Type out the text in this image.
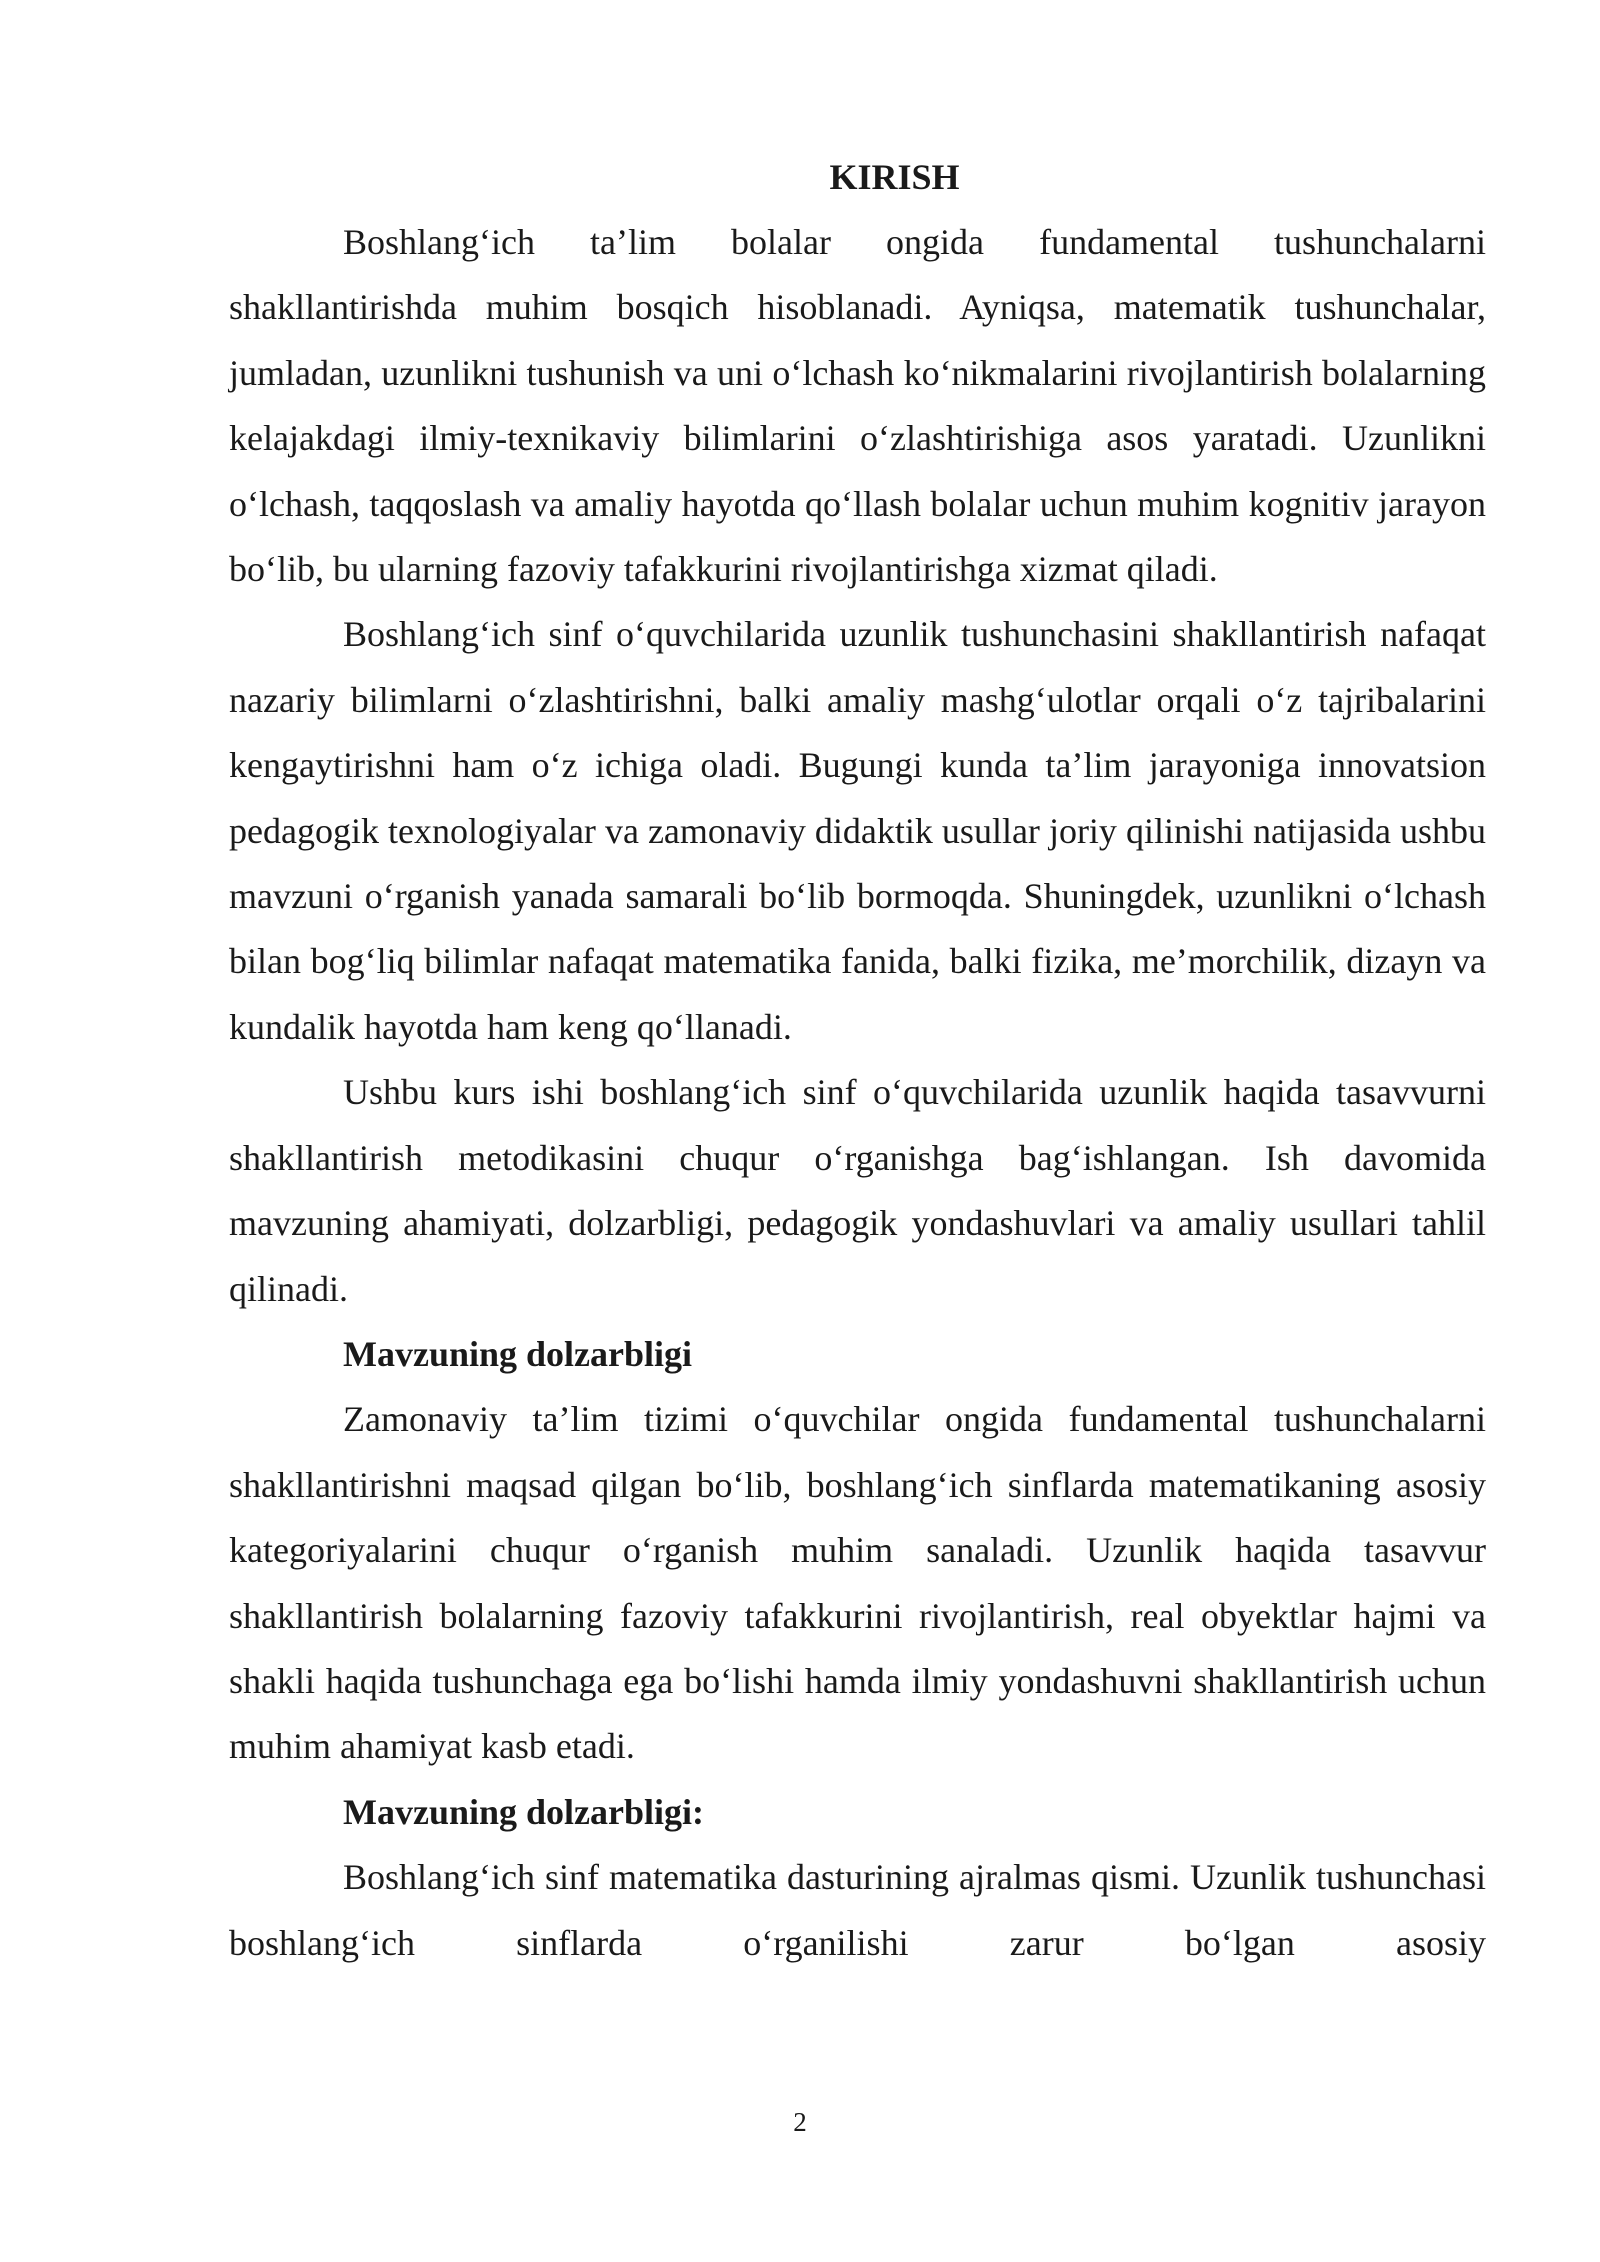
KIRISH

Boshlang‘ich ta’lim bolalar ongida fundamental tushunchalarni shakllantirishda muhim bosqich hisoblanadi. Ayniqsa, matematik tushunchalar, jumladan, uzunlikni tushunish va uni o‘lchash ko‘nikmalarini rivojlantirish bolalarning kelajakdagi ilmiy-texnikaviy bilimlarini o‘zlashtirishiga asos yaratadi. Uzunlikni o‘lchash, taqqoslash va amaliy hayotda qo‘llash bolalar uchun muhim kognitiv jarayon bo‘lib, bu ularning fazoviy tafakkurini rivojlantirishga xizmat qiladi.

Boshlang‘ich sinf o‘quvchilarida uzunlik tushunchasini shakllantirish nafaqat nazariy bilimlarni o‘zlashtirishni, balki amaliy mashg‘ulotlar orqali o‘z tajribalarini kengaytirishni ham o‘z ichiga oladi. Bugungi kunda ta’lim jarayoniga innovatsion pedagogik texnologiyalar va zamonaviy didaktik usullar joriy qilinishi natijasida ushbu mavzuni o‘rganish yanada samarali bo‘lib bormoqda. Shuningdek, uzunlikni o‘lchash bilan bog‘liq bilimlar nafaqat matematika fanida, balki fizika, me’morchilik, dizayn va kundalik hayotda ham keng qo‘llanadi.

Ushbu kurs ishi boshlang‘ich sinf o‘quvchilarida uzunlik haqida tasavvurni shakllantirish metodikasini chuqur o‘rganishga bag‘ishlangan. Ish davomida mavzuning ahamiyati, dolzarbligi, pedagogik yondashuvlari va amaliy usullari tahlil qilinadi.

Mavzuning dolzarbligi

Zamonaviy ta’lim tizimi o‘quvchilar ongida fundamental tushunchalarni shakllantirishni maqsad qilgan bo‘lib, boshlang‘ich sinflarda matematikaning asosiy kategoriyalarini chuqur o‘rganish muhim sanaladi. Uzunlik haqida tasavvur shakllantirish bolalarning fazoviy tafakkurini rivojlantirish, real obyektlar hajmi va shakli haqida tushunchaga ega bo‘lishi hamda ilmiy yondashuvni shakllantirish uchun muhim ahamiyat kasb etadi.

Mavzuning dolzarbligi:

Boshlang‘ich sinf matematika dasturining ajralmas qismi. Uzunlik tushunchasi boshlang‘ich sinflarda o‘rganilishi zarur bo‘lgan asosiy

2
